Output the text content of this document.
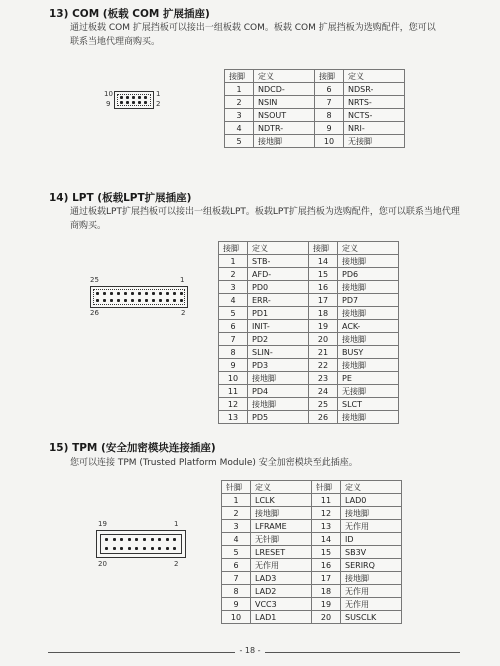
13) COM (板载 COM 扩展插座)
通过板载 COM 扩展挡板可以接出一组板载 COM。板载 COM 扩展挡板为选购配件，您可以联系当地代理商购买。
10
9
1
2
接脚	定义	接脚	定义
1	NDCD-	6	NDSR-
2	NSIN	7	NRTS-
3	NSOUT	8	NCTS-
4	NDTR-	9	NRI-
5	接地脚	10	无接脚
14) LPT (板载LPT扩展插座)
通过板载LPT扩展挡板可以接出一组板载LPT。板载LPT扩展挡板为选购配件，您可以联系当地代理商购买。
25	1
26	2
接脚	定义	接脚	定义
1	STB-	14	接地脚
2	AFD-	15	PD6
3	PD0	16	接地脚
4	ERR-	17	PD7
5	PD1	18	接地脚
6	INIT-	19	ACK-
7	PD2	20	接地脚
8	SLIN-	21	BUSY
9	PD3	22	接地脚
10	接地脚	23	PE
11	PD4	24	无接脚
12	接地脚	25	SLCT
13	PD5	26	接地脚
15) TPM (安全加密模块连接插座)
您可以连接 TPM (Trusted Platform Module) 安全加密模块至此插座。
19	1
20	2
针脚	定义	针脚	定义
1	LCLK	11	LAD0
2	接地脚	12	接地脚
3	LFRAME	13	无作用
4	无针脚	14	ID
5	LRESET	15	SB3V
6	无作用	16	SERIRQ
7	LAD3	17	接地脚
8	LAD2	18	无作用
9	VCC3	19	无作用
10	LAD1	20	SUSCLK
- 18 -
